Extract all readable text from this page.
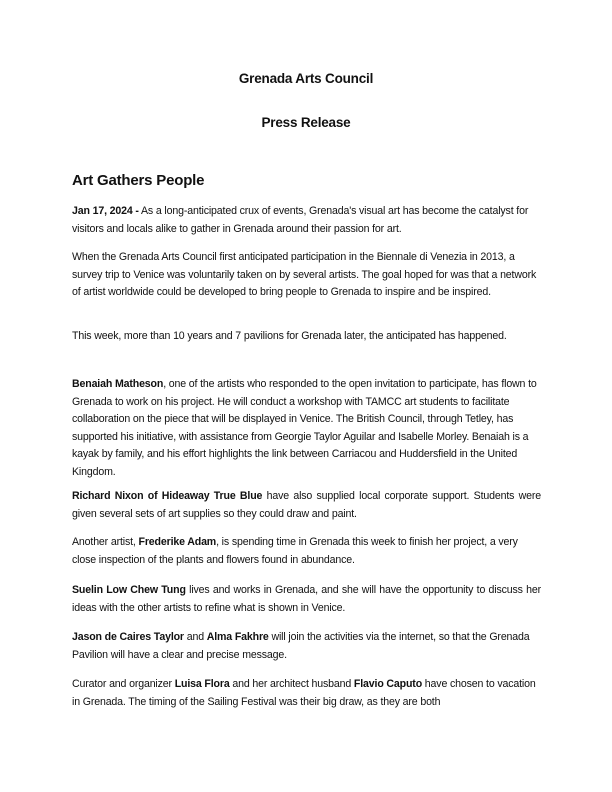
Grenada Arts Council
Press Release
Art Gathers People

Jan 17, 2024 - As a long-anticipated crux of events, Grenada's visual art has become the catalyst for visitors and locals alike to gather in Grenada around their passion for art.

When the Grenada Arts Council first anticipated participation in the Biennale di Venezia in 2013, a survey trip to Venice was voluntarily taken on by several artists. The goal hoped for was that a network of artist worldwide could be developed to bring people to Grenada to inspire and be inspired.

This week, more than 10 years and 7 pavilions for Grenada later, the anticipated has happened.

Benaiah Matheson, one of the artists who responded to the open invitation to participate, has flown to Grenada to work on his project. He will conduct a workshop with TAMCC art students to facilitate collaboration on the piece that will be displayed in Venice. The British Council, through Tetley, has supported his initiative, with assistance from Georgie Taylor Aguilar and Isabelle Morley. Benaiah is a kayak by family, and his effort highlights the link between Carriacou and Huddersfield in the United Kingdom.

Richard Nixon of Hideaway True Blue have also supplied local corporate support. Students were given several sets of art supplies so they could draw and paint.

Another artist, Frederike Adam, is spending time in Grenada this week to finish her project, a very close inspection of the plants and flowers found in abundance.

Suelin Low Chew Tung lives and works in Grenada, and she will have the opportunity to discuss her ideas with the other artists to refine what is shown in Venice.

Jason de Caires Taylor and Alma Fakhre will join the activities via the internet, so that the Grenada Pavilion will have a clear and precise message.

Curator and organizer Luisa Flora and her architect husband Flavio Caputo have chosen to vacation in Grenada. The timing of the Sailing Festival was their big draw, as they are both
